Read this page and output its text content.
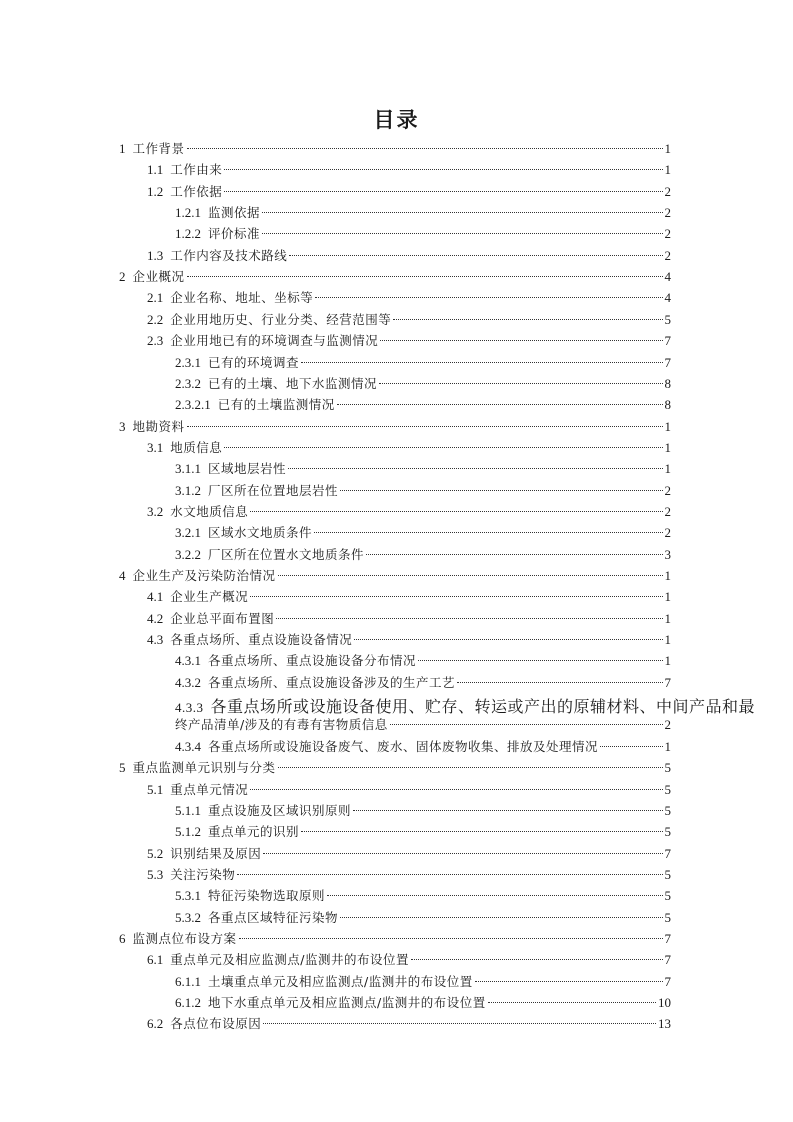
目录
1 工作背景	1
1.1 工作由来	1
1.2 工作依据	2
1.2.1 监测依据	2
1.2.2 评价标准	2
1.3 工作内容及技术路线	2
2 企业概况	4
2.1 企业名称、地址、坐标等	4
2.2 企业用地历史、行业分类、经营范围等	5
2.3 企业用地已有的环境调查与监测情况	7
2.3.1 已有的环境调查	7
2.3.2 已有的土壤、地下水监测情况	8
2.3.2.1 已有的土壤监测情况	8
3 地勘资料	1
3.1 地质信息	1
3.1.1 区域地层岩性	1
3.1.2 厂区所在位置地层岩性	2
3.2 水文地质信息	2
3.2.1 区域水文地质条件	2
3.2.2 厂区所在位置水文地质条件	3
4 企业生产及污染防治情况	1
4.1 企业生产概况	1
4.2 企业总平面布置图	1
4.3 各重点场所、重点设施设备情况	1
4.3.1 各重点场所、重点设施设备分布情况	1
4.3.2 各重点场所、重点设施设备涉及的生产工艺	7
4.3.3 各重点场所或设施设备使用、贮存、转运或产出的原辅材料、中间产品和最
终产品清单/涉及的有毒有害物质信息	2
4.3.4 各重点场所或设施设备废气、废水、固体废物收集、排放及处理情况	1
5 重点监测单元识别与分类	5
5.1 重点单元情况	5
5.1.1 重点设施及区域识别原则	5
5.1.2 重点单元的识别	5
5.2 识别结果及原因	7
5.3 关注污染物	5
5.3.1 特征污染物选取原则	5
5.3.2 各重点区域特征污染物	5
6 监测点位布设方案	7
6.1 重点单元及相应监测点/监测井的布设位置	7
6.1.1 土壤重点单元及相应监测点/监测井的布设位置	7
6.1.2 地下水重点单元及相应监测点/监测井的布设位置	10
6.2 各点位布设原因	13
